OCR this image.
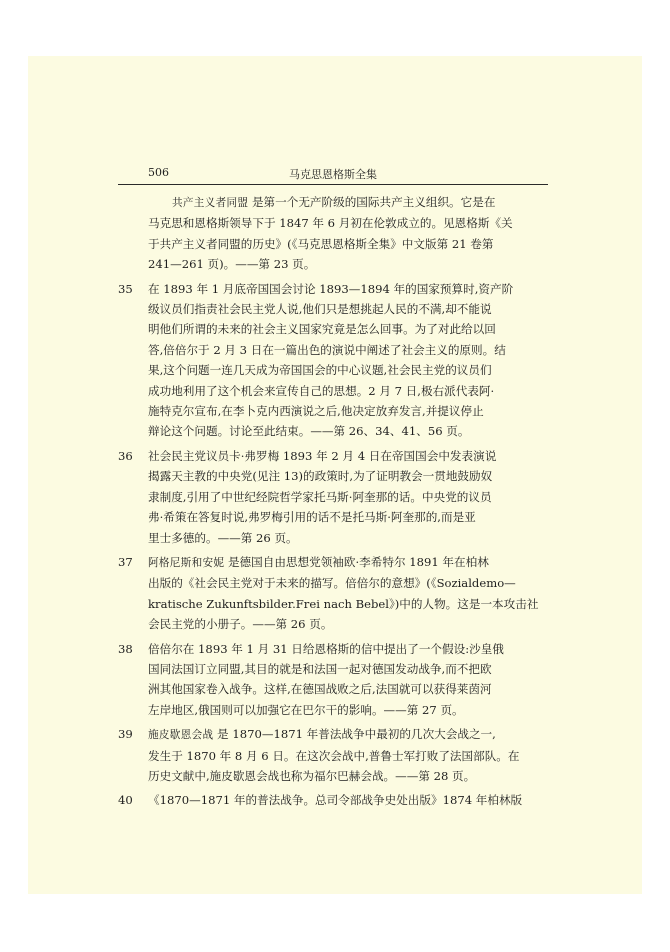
506	马克思恩格斯全集
共产主义者同盟 是第一个无产阶级的国际共产主义组织。它是在
马克思和恩格斯领导下于 1847 年 6 月初在伦敦成立的。见恩格斯《关
于共产主义者同盟的历史》(《马克思恩格斯全集》中文版第 21 卷第
241—261 页)。——第 23 页。
35 在 1893 年 1 月底帝国国会讨论 1893—1894 年的国家预算时,资产阶
级议员们指责社会民主党人说,他们只是想挑起人民的不满,却不能说
明他们所谓的未来的社会主义国家究竟是怎么回事。为了对此给以回
答,倍倍尔于 2 月 3 日在一篇出色的演说中阐述了社会主义的原则。结
果,这个问题一连几天成为帝国国会的中心议题,社会民主党的议员们
成功地利用了这个机会来宣传自己的思想。2 月 7 日,极右派代表阿·
施特克尔宣布,在李卜克内西演说之后,他决定放弃发言,并提议停止
辩论这个问题。讨论至此结束。——第 26、34、41、56 页。
36 社会民主党议员卡·弗罗梅 1893 年 2 月 4 日在帝国国会中发表演说
揭露天主教的中央党(见注 13)的政策时,为了证明教会一贯地鼓励奴
隶制度,引用了中世纪经院哲学家托马斯·阿奎那的话。中央党的议员
弗·希策在答复时说,弗罗梅引用的话不是托马斯·阿奎那的,而是亚
里士多德的。——第 26 页。
37 阿格尼斯和安妮 是德国自由思想党领袖欧·李希特尔 1891 年在柏林
出版的《社会民主党对于未来的描写。倍倍尔的意想》(《Sozialdemo—
kratische Zukunftsbilder.Frei nach Bebel》)中的人物。这是一本攻击社
会民主党的小册子。——第 26 页。
38 倍倍尔在 1893 年 1 月 31 日给恩格斯的信中提出了一个假设:沙皇俄
国同法国订立同盟,其目的就是和法国一起对德国发动战争,而不把欧
洲其他国家卷入战争。这样,在德国战败之后,法国就可以获得莱茵河
左岸地区,俄国则可以加强它在巴尔干的影响。——第 27 页。
39 施皮歇恩会战 是 1870—1871 年普法战争中最初的几次大会战之一,
发生于 1870 年 8 月 6 日。在这次会战中,普鲁士军打败了法国部队。在
历史文献中,施皮歇恩会战也称为福尔巴赫会战。——第 28 页。
40 《1870—1871 年的普法战争。总司令部战争史处出版》1874 年柏林版
